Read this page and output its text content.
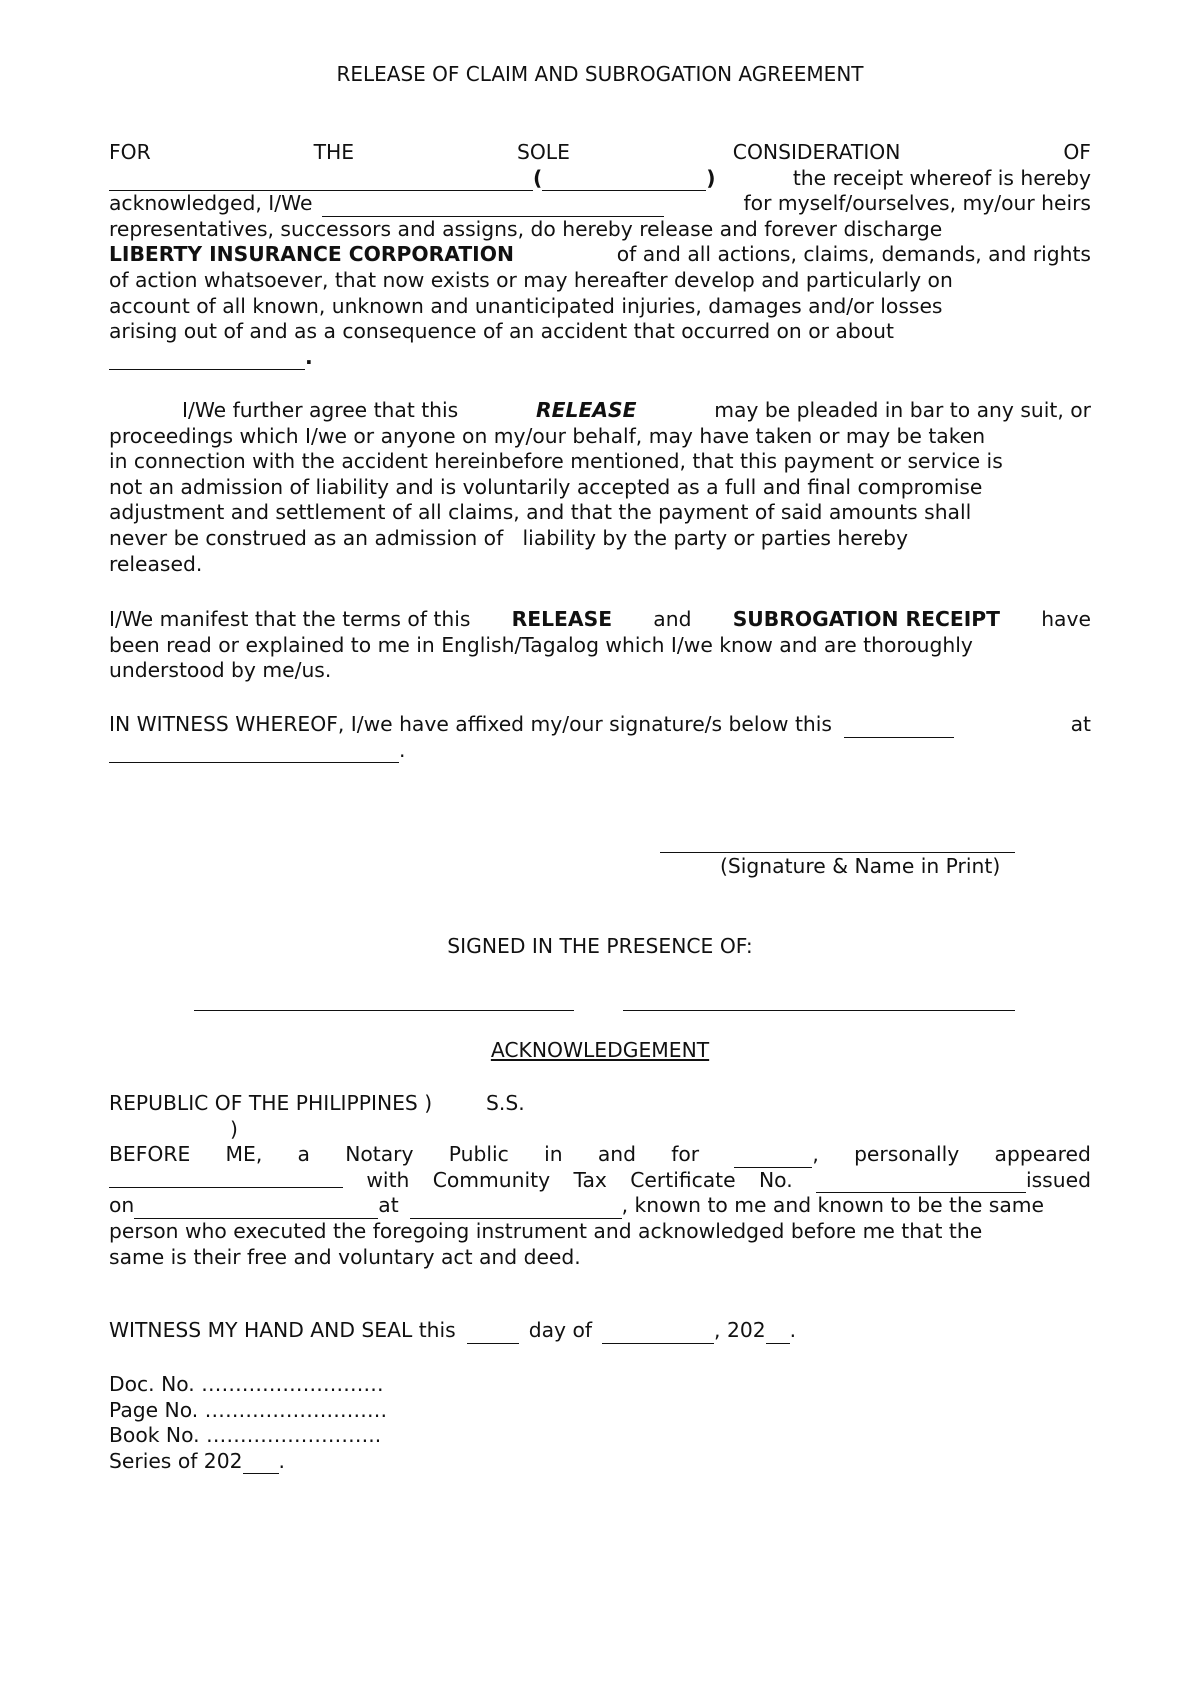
RELEASE OF CLAIM AND SUBROGATION AGREEMENT
FOR	THE	SOLE	CONSIDERATION	OF
(	)	the receipt whereof is hereby
acknowledged, I/We	for myself/ourselves, my/our heirs
representatives, successors and assigns, do hereby release and forever discharge
LIBERTY INSURANCE CORPORATION	of and all actions, claims, demands, and rights
of action whatsoever, that now exists or may hereafter develop and particularly on
account of all known, unknown and unanticipated injuries, damages and/or losses
arising out of and as a consequence of an accident that occurred on or about
.
I/We further agree that this	RELEASE	may be pleaded in bar to any suit, or
proceedings which I/we or anyone on my/our behalf, may have taken or may be taken
in connection with the accident hereinbefore mentioned, that this payment or service is
not an admission of liability and is voluntarily accepted as a full and final compromise
adjustment and settlement of all claims, and that the payment of said amounts shall
never be construed as an admission of   liability by the party or parties hereby
released.
I/We manifest that the terms of this RELEASE and SUBROGATION RECEIPT have
been read or explained to me in English/Tagalog which I/we know and are thoroughly
understood by me/us.
IN WITNESS WHEREOF, I/we have affixed my/our signature/s below this	at
.
(Signature & Name in Print)
SIGNED IN THE PRESENCE OF:
ACKNOWLEDGEMENT
REPUBLIC OF THE PHILIPPINES )	S.S.
)
BEFORE ME, a Notary Public in and for	, personally appeared
with Community Tax Certificate No.	issued
on	at	, known to me and known to be the same
person who executed the foregoing instrument and acknowledged before me that the
same is their free and voluntary act and deed.
WITNESS MY HAND AND SEAL this	day of	, 202 .
Doc. No. ………………………
Page No. ………………………
Book No. ……………………..
Series of 202 .
